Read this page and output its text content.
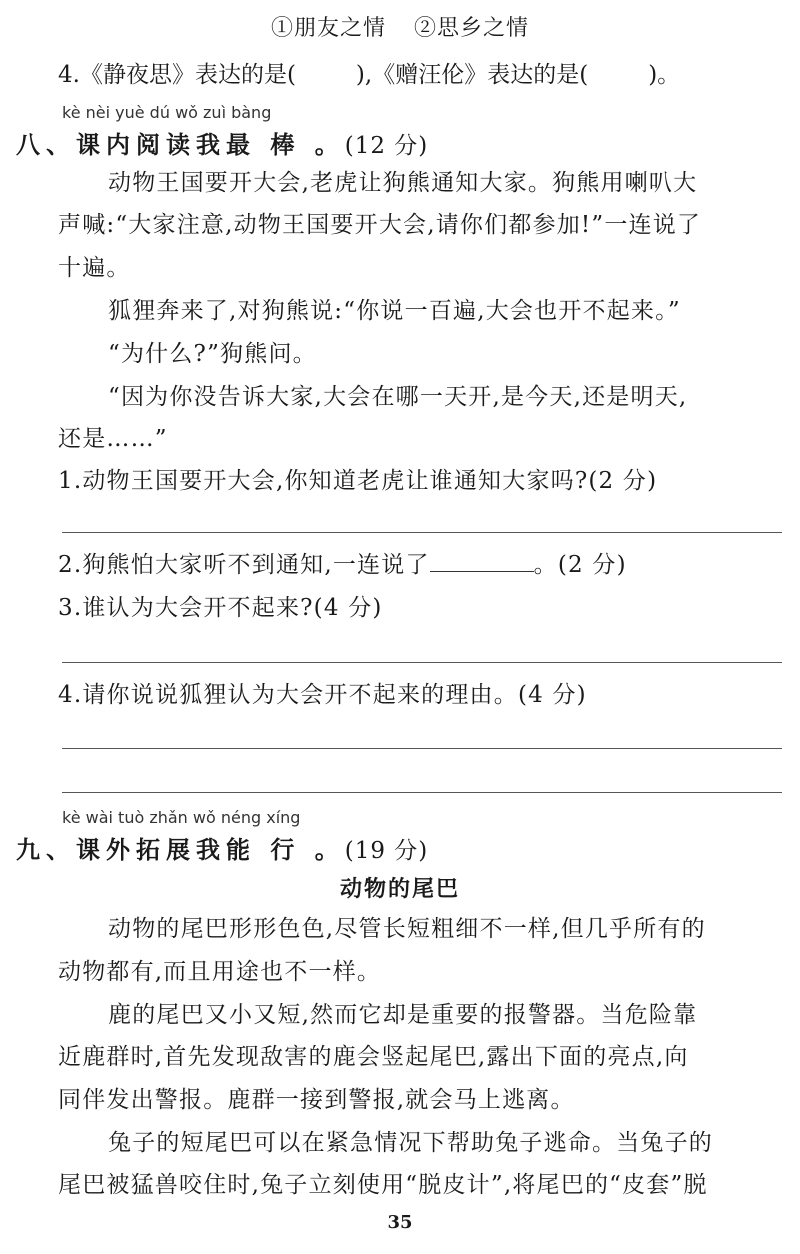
①朋友之情 ②思乡之情
4.《静夜思》表达的是(	),《赠汪伦》表达的是(	)。
kè nèi yuè dú wǒ zuì bàng
八、课内阅读我最 棒 。(12 分)
动物王国要开大会,老虎让狗熊通知大家。狗熊用喇叭大
声喊:“大家注意,动物王国要开大会,请你们都参加!”一连说了
十遍。
狐狸奔来了,对狗熊说:“你说一百遍,大会也开不起来。”
“为什么?”狗熊问。
“因为你没告诉大家,大会在哪一天开,是今天,还是明天,
还是……”
1.动物王国要开大会,你知道老虎让谁通知大家吗?(2 分)
2.狗熊怕大家听不到通知,一连说了	。(2 分)
3.谁认为大会开不起来?(4 分)
4.请你说说狐狸认为大会开不起来的理由。(4 分)
kè wài tuò zhǎn wǒ néng xíng
九、课外拓展我能 行 。(19 分)
动物的尾巴
动物的尾巴形形色色,尽管长短粗细不一样,但几乎所有的
动物都有,而且用途也不一样。
鹿的尾巴又小又短,然而它却是重要的报警器。当危险靠
近鹿群时,首先发现敌害的鹿会竖起尾巴,露出下面的亮点,向
同伴发出警报。鹿群一接到警报,就会马上逃离。
兔子的短尾巴可以在紧急情况下帮助兔子逃命。当兔子的
尾巴被猛兽咬住时,兔子立刻使用“脱皮计”,将尾巴的“皮套”脱
35
